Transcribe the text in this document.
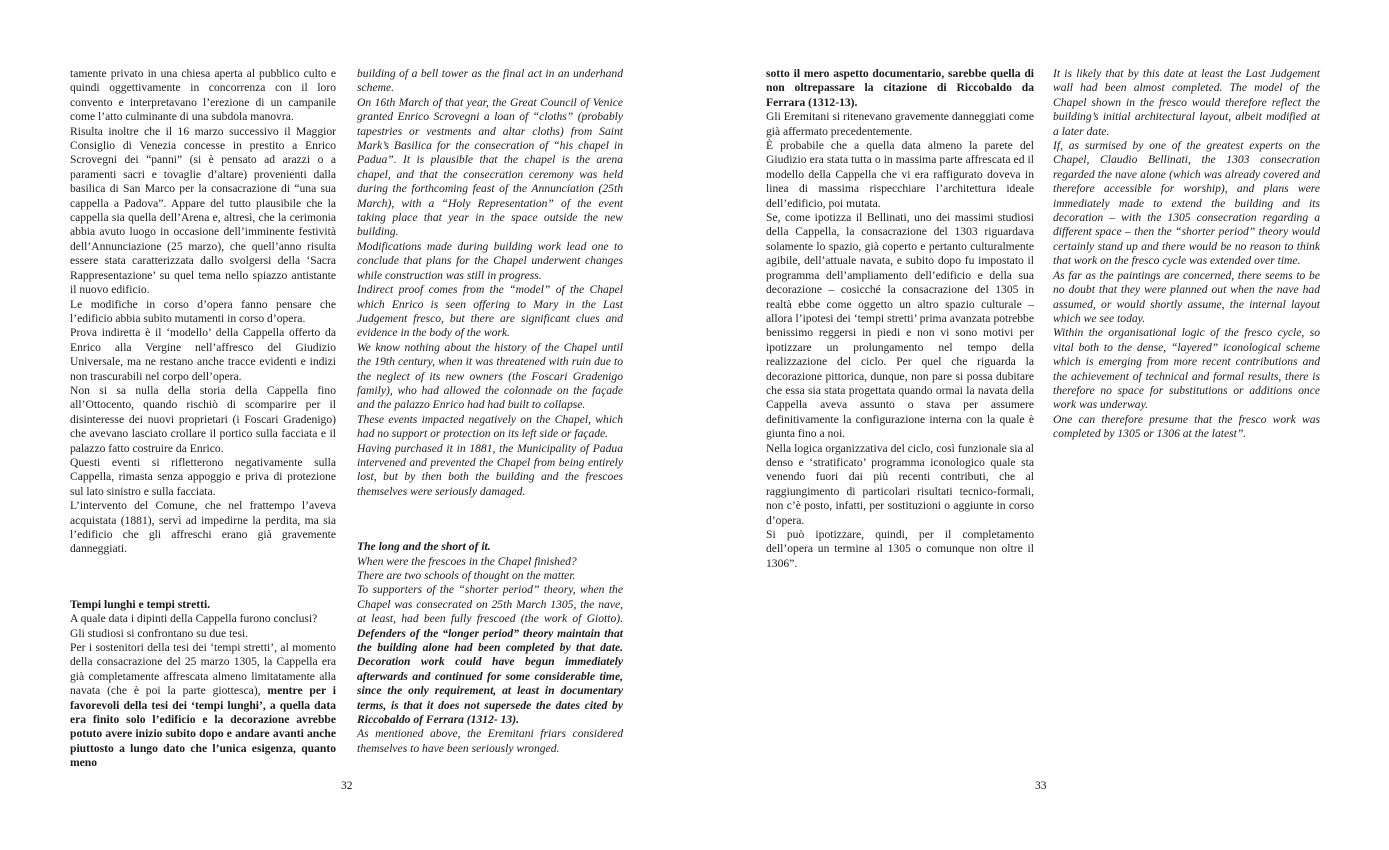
tamente privato in una chiesa aperta al pubblico culto e quindi oggettivamente in concorrenza con il loro convento e interpretavano l’erezione di un campanile come l’atto culminante di una subdola manovra.

Risulta inoltre che il 16 marzo successivo il Maggior Consiglio di Venezia concesse in prestito a Enrico Scrovegni dei “panni” (si è pensato ad arazzi o a paramenti sacri e tovaglie d’altare) provenienti dalla basilica di San Marco per la consacrazione di “una sua cappella a Padova”. Appare del tutto plausibile che la cappella sia quella dell’Arena e, altresì, che la cerimonia abbia avuto luogo in occasione dell’imminente festività dell’Annunciazione (25 marzo), che quell’anno risulta essere stata caratterizzata dallo svolgersi della ‘Sacra Rappresentazione’ su quel tema nello spiazzo antistante il nuovo edificio.

Le modifiche in corso d’opera fanno pensare che l’edificio abbia subito mutamenti in corso d’opera.

Prova indiretta è il ‘modello’ della Cappella offerto da Enrico alla Vergine nell’affresco del Giudizio Universale, ma ne restano anche tracce evidenti e indizi non trascurabili nel corpo dell’opera.

Non si sa nulla della storia della Cappella fino all’Ottocento, quando rischiò di scomparire per il disinteresse dei nuovi proprietari (i Foscari Gradenigo) che avevano lasciato crollare il portico sulla facciata e il palazzo fatto costruire da Enrico.

Questi eventi si rifletterono negativamente sulla Cappella, rimasta senza appoggio e priva di protezione sul lato sinistro e sulla facciata.

L’intervento del Comune, che nel frattempo l’aveva acquistata (1881), servì ad impedirne la perdita, ma sia l’edificio che gli affreschi erano già gravemente danneggiati.

Tempi lunghi e tempi stretti.

A quale data i dipinti della Cappella furono conclusi?

Gli studiosi si confrontano su due tesi.

Per i sostenitori della tesi dei ‘tempi stretti’, al momento della consacrazione del 25 marzo 1305, la Cappella era già completamente affrescata almeno limitatamente alla navata (che è poi la parte giottesca), mentre per i favorevoli della tesi dei ‘tempi lunghi’, a quella data era finito solo l’edificio e la decorazione avrebbe potuto avere inizio subito dopo e andare avanti anche piuttosto a lungo dato che l’unica esigenza, quanto meno

building of a bell tower as the final act in an underhand scheme.

On 16th March of that year, the Great Council of Venice granted Enrico Scrovegni a loan of “cloths” (probably tapestries or vestments and altar cloths) from Saint Mark’s Basilica for the consecration of “his chapel in Padua”. It is plausible that the chapel is the arena chapel, and that the consecration ceremony was held during the forthcoming feast of the Annunciation (25th March), with a “Holy Representation” of the event taking place that year in the space outside the new building.

Modifications made during building work lead one to conclude that plans for the Chapel underwent changes while construction was still in progress.

Indirect proof comes from the “model” of the Chapel which Enrico is seen offering to Mary in the Last Judgement fresco, but there are significant clues and evidence in the body of the work.

We know nothing about the history of the Chapel until the 19th century, when it was threatened with ruin due to the neglect of its new owners (the Foscari Gradenigo family), who had allowed the colonnade on the façade and the palazzo Enrico had had built to collapse.

These events impacted negatively on the Chapel, which had no support or protection on its left side or façade.

Having purchased it in 1881, the Municipality of Padua intervened and prevented the Chapel from being entirely lost, but by then both the building and the frescoes themselves were seriously damaged.

The long and the short of it.

When were the frescoes in the Chapel finished?

There are two schools of thought on the matter.

To supporters of the “shorter period” theory, when the Chapel was consecrated on 25th March 1305, the nave, at least, had been fully frescoed (the work of Giotto). Defenders of the “longer period” theory maintain that the building alone had been completed by that date. Decoration work could have begun immediately afterwards and continued for some considerable time, since the only requirement, at least in documentary terms, is that it does not supersede the dates cited by Riccobaldo of Ferrara (1312- 13).

As mentioned above, the Eremitani friars considered themselves to have been seriously wronged.

32

sotto il mero aspetto documentario, sarebbe quella di non oltrepassare la citazione di Riccobaldo da Ferrara (1312-13).

Gli Eremitani si ritenevano gravemente danneggiati come già affermato precedentemente.

È probabile che a quella data almeno la parete del Giudizio era stata tutta o in massima parte affrescata ed il modello della Cappella che vi era raffigurato doveva in linea di massima rispecchiare l’architettura ideale dell’edificio, poi mutata.

Se, come ipotizza il Bellinati, uno dei massimi studiosi della Cappella, la consacrazione del 1303 riguardava solamente lo spazio, già coperto e pertanto culturalmente agibile, dell’attuale navata, e subito dopo fu impostato il programma dell’ampliamento dell’edificio e della sua decorazione – cosicché la consacrazione del 1305 in realtà ebbe come oggetto un altro spazio culturale – allora l’ipotesi dei ‘tempi stretti’ prima avanzata potrebbe benissimo reggersi in piedi e non vi sono motivi per ipotizzare un prolungamento nel tempo della realizzazione del ciclo. Per quel che riguarda la decorazione pittorica, dunque, non pare si possa dubitare che essa sia stata progettata quando ormai la navata della Cappella aveva assunto o stava per assumere definitivamente la configurazione interna con la quale è giunta fino a noi.

Nella logica organizzativa del ciclo, così funzionale sia al denso e ‘stratificato’ programma iconologico quale sta venendo fuori dai più recenti contributi, che al raggiungimento di particolari risultati tecnico-formali, non c’è posto, infatti, per sostituzioni o aggiunte in corso d’opera.

Si può ipotizzare, quindi, per il completamento dell’opera un termine al 1305 o comunque non oltre il 1306”.

It is likely that by this date at least the Last Judgement wall had been almost completed. The model of the Chapel shown in the fresco would therefore reflect the building’s initial architectural layout, albeit modified at a later date.

If, as surmised by one of the greatest experts on the Chapel, Claudio Bellinati, the 1303 consecration regarded the nave alone (which was already covered and therefore accessible for worship), and plans were immediately made to extend the building and its decoration – with the 1305 consecration regarding a different space – then the “shorter period” theory would certainly stand up and there would be no reason to think that work on the fresco cycle was extended over time.

As far as the paintings are concerned, there seems to be no doubt that they were planned out when the nave had assumed, or would shortly assume, the internal layout which we see today.

Within the organisational logic of the fresco cycle, so vital both to the dense, “layered” iconological scheme which is emerging from more recent contributions and the achievement of technical and formal results, there is therefore no space for substitutions or additions once work was underway.

One can therefore presume that the fresco work was completed by 1305 or 1306 at the latest”.

33
